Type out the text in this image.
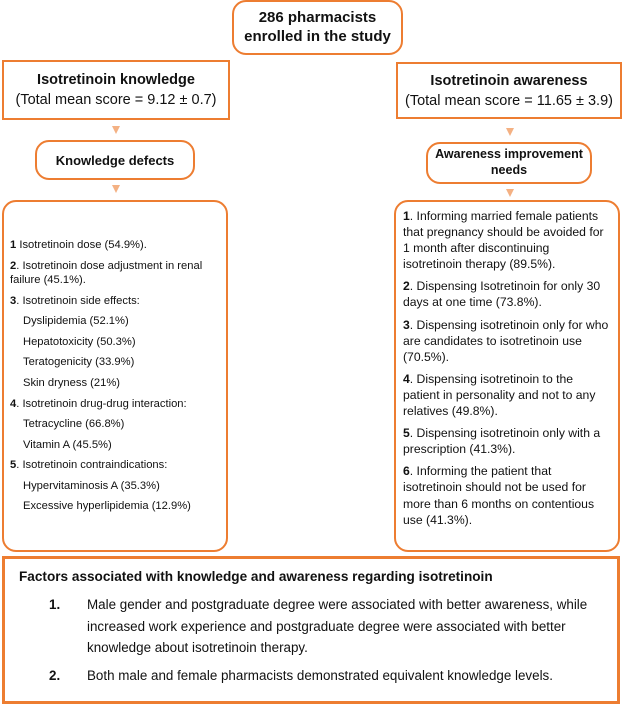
286 pharmacists
enrolled in the study
Isotretinoin knowledge
(Total mean score = 9.12 ± 0.7)
Isotretinoin awareness
(Total mean score = 11.65 ± 3.9)
Knowledge defects	Awareness improvement
needs
1 Isotretinoin dose (54.9%).
2. Isotretinoin dose adjustment in renal failure (45.1%).
3. Isotretinoin side effects:
Dyslipidemia (52.1%)
Hepatotoxicity (50.3%)
Teratogenicity (33.9%)
Skin dryness (21%)
4. Isotretinoin drug-drug interaction:
Tetracycline (66.8%)
Vitamin A (45.5%)
5. Isotretinoin contraindications:
Hypervitaminosis A (35.3%)
Excessive hyperlipidemia (12.9%)
1. Informing married female patients that pregnancy should be avoided for 1 month after discontinuing isotretinoin therapy (89.5%).
2. Dispensing Isotretinoin for only 30 days at one time (73.8%).
3. Dispensing isotretinoin only for who are candidates to isotretinoin use (70.5%).
4. Dispensing isotretinoin to the patient in personality and not to any relatives (49.8%).
5. Dispensing isotretinoin only with a prescription (41.3%).
6. Informing the patient that isotretinoin should not be used for more than 6 months on contentious use (41.3%).
Factors associated with knowledge and awareness regarding isotretinoin
1.	Male gender and postgraduate degree were associated with better awareness, while increased work experience and postgraduate degree were associated with better knowledge about isotretinoin therapy.
2.	Both male and female pharmacists demonstrated equivalent knowledge levels.
